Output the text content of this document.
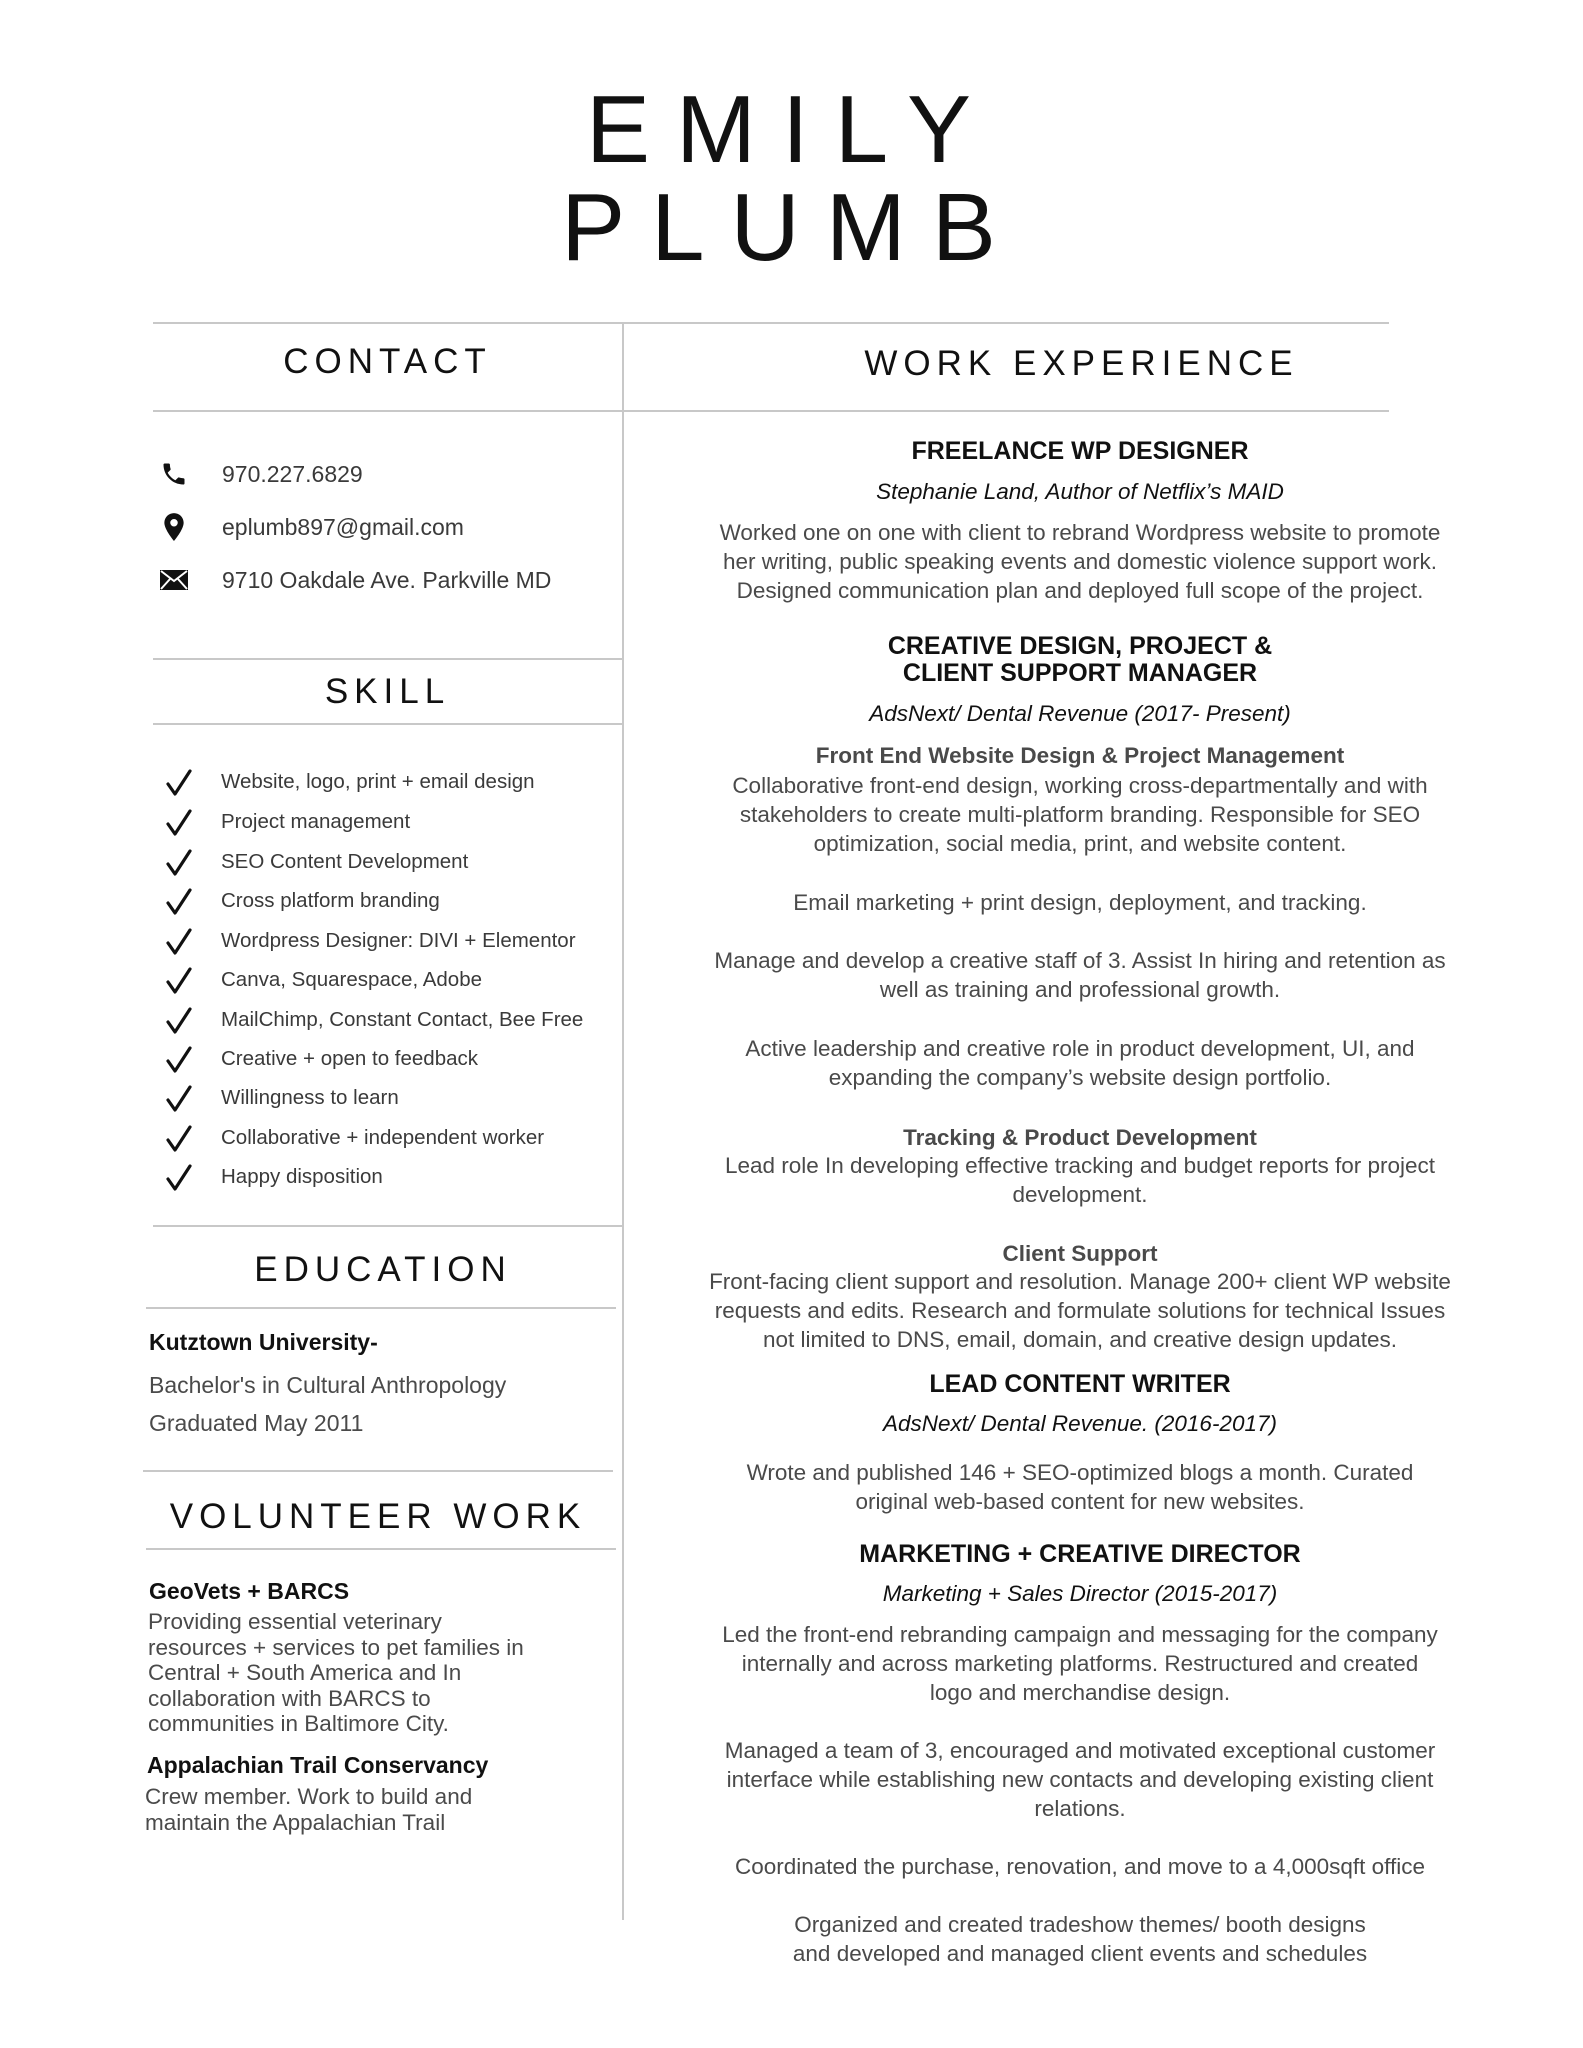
EMILY
PLUMB
CONTACT
970.227.6829
eplumb897@gmail.com
9710 Oakdale Ave. Parkville MD
SKILL
Website, logo, print + email design
Project management
SEO Content Development
Cross platform branding
Wordpress Designer: DIVI + Elementor
Canva, Squarespace, Adobe
MailChimp, Constant Contact, Bee Free
Creative + open to feedback
Willingness to learn
Collaborative + independent worker
Happy disposition
EDUCATION
Kutztown University-
Bachelor's in Cultural Anthropology
Graduated May 2011
VOLUNTEER WORK
GeoVets + BARCS
Providing essential veterinary
resources + services to pet families in
Central + South America and In
collaboration with BARCS to
communities in Baltimore City.
Appalachian Trail Conservancy
Crew member. Work to build and
maintain the Appalachian Trail
WORK EXPERIENCE
FREELANCE WP DESIGNER
Stephanie Land, Author of Netflix’s MAID
Worked one on one with client to rebrand Wordpress website to promote
her writing, public speaking events and domestic violence support work.
Designed communication plan and deployed full scope of the project.
CREATIVE DESIGN, PROJECT &
CLIENT SUPPORT MANAGER
AdsNext/ Dental Revenue (2017- Present)
Front End Website Design & Project Management
Collaborative front-end design, working cross-departmentally and with
stakeholders to create multi-platform branding. Responsible for SEO
optimization, social media, print, and website content.
Email marketing + print design, deployment, and tracking.
Manage and develop a creative staff of 3. Assist In hiring and retention as
well as training and professional growth.
Active leadership and creative role in product development, UI, and
expanding the company’s website design portfolio.
Tracking & Product Development
Lead role In developing effective tracking and budget reports for project
development.
Client Support
Front-facing client support and resolution. Manage 200+ client WP website
requests and edits. Research and formulate solutions for technical Issues
not limited to DNS, email, domain, and creative design updates.
LEAD CONTENT WRITER
AdsNext/ Dental Revenue. (2016-2017)
Wrote and published 146 + SEO-optimized blogs a month. Curated
original web-based content for new websites.
MARKETING + CREATIVE DIRECTOR
Marketing + Sales Director (2015-2017)
Led the front-end rebranding campaign and messaging for the company
internally and across marketing platforms. Restructured and created
logo and merchandise design.
Managed a team of 3, encouraged and motivated exceptional customer
interface while establishing new contacts and developing existing client
relations.
Coordinated the purchase, renovation, and move to a 4,000sqft office
Organized and created tradeshow themes/ booth designs
and developed and managed client events and schedules
